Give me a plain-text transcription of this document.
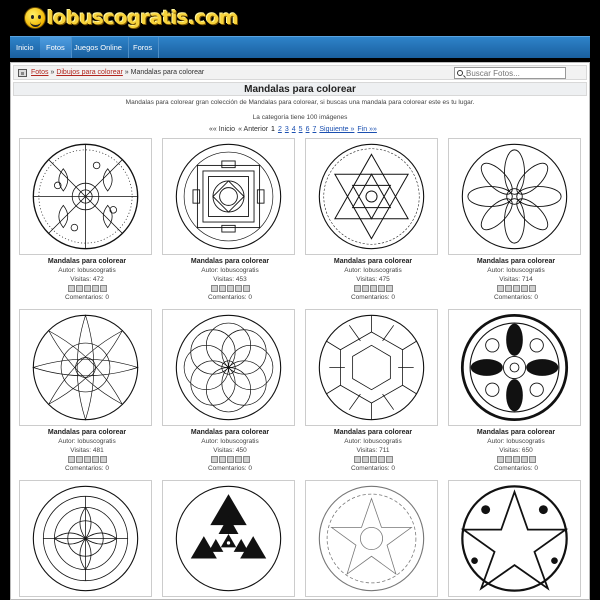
lobuscogratis.com
Inicio	Fotos	Juegos Online	Foros
Fotos » Dibujos para colorear » Mandalas para colorear
Buscar Fotos...
Mandalas para colorear
Mandalas para colorear gran colección de Mandalas para colorear, si buscas una mandala para colorear este es tu lugar.
La categoría tiene 100 imágenes
«« Inicio « Anterior 1 2 3 4 5 6 7 Siguiente » Fin »»
Mandalas para colorear
Autor: lobuscogratis
Visitas: 472
Comentarios: 0
Mandalas para colorear
Autor: lobuscogratis
Visitas: 453
Comentarios: 0
Mandalas para colorear
Autor: lobuscogratis
Visitas: 475
Comentarios: 0
Mandalas para colorear
Autor: lobuscogratis
Visitas: 714
Comentarios: 0
Mandalas para colorear
Autor: lobuscogratis
Visitas: 481
Comentarios: 0
Mandalas para colorear
Autor: lobuscogratis
Visitas: 450
Comentarios: 0
Mandalas para colorear
Autor: lobuscogratis
Visitas: 711
Comentarios: 0
Mandalas para colorear
Autor: lobuscogratis
Visitas: 650
Comentarios: 0
